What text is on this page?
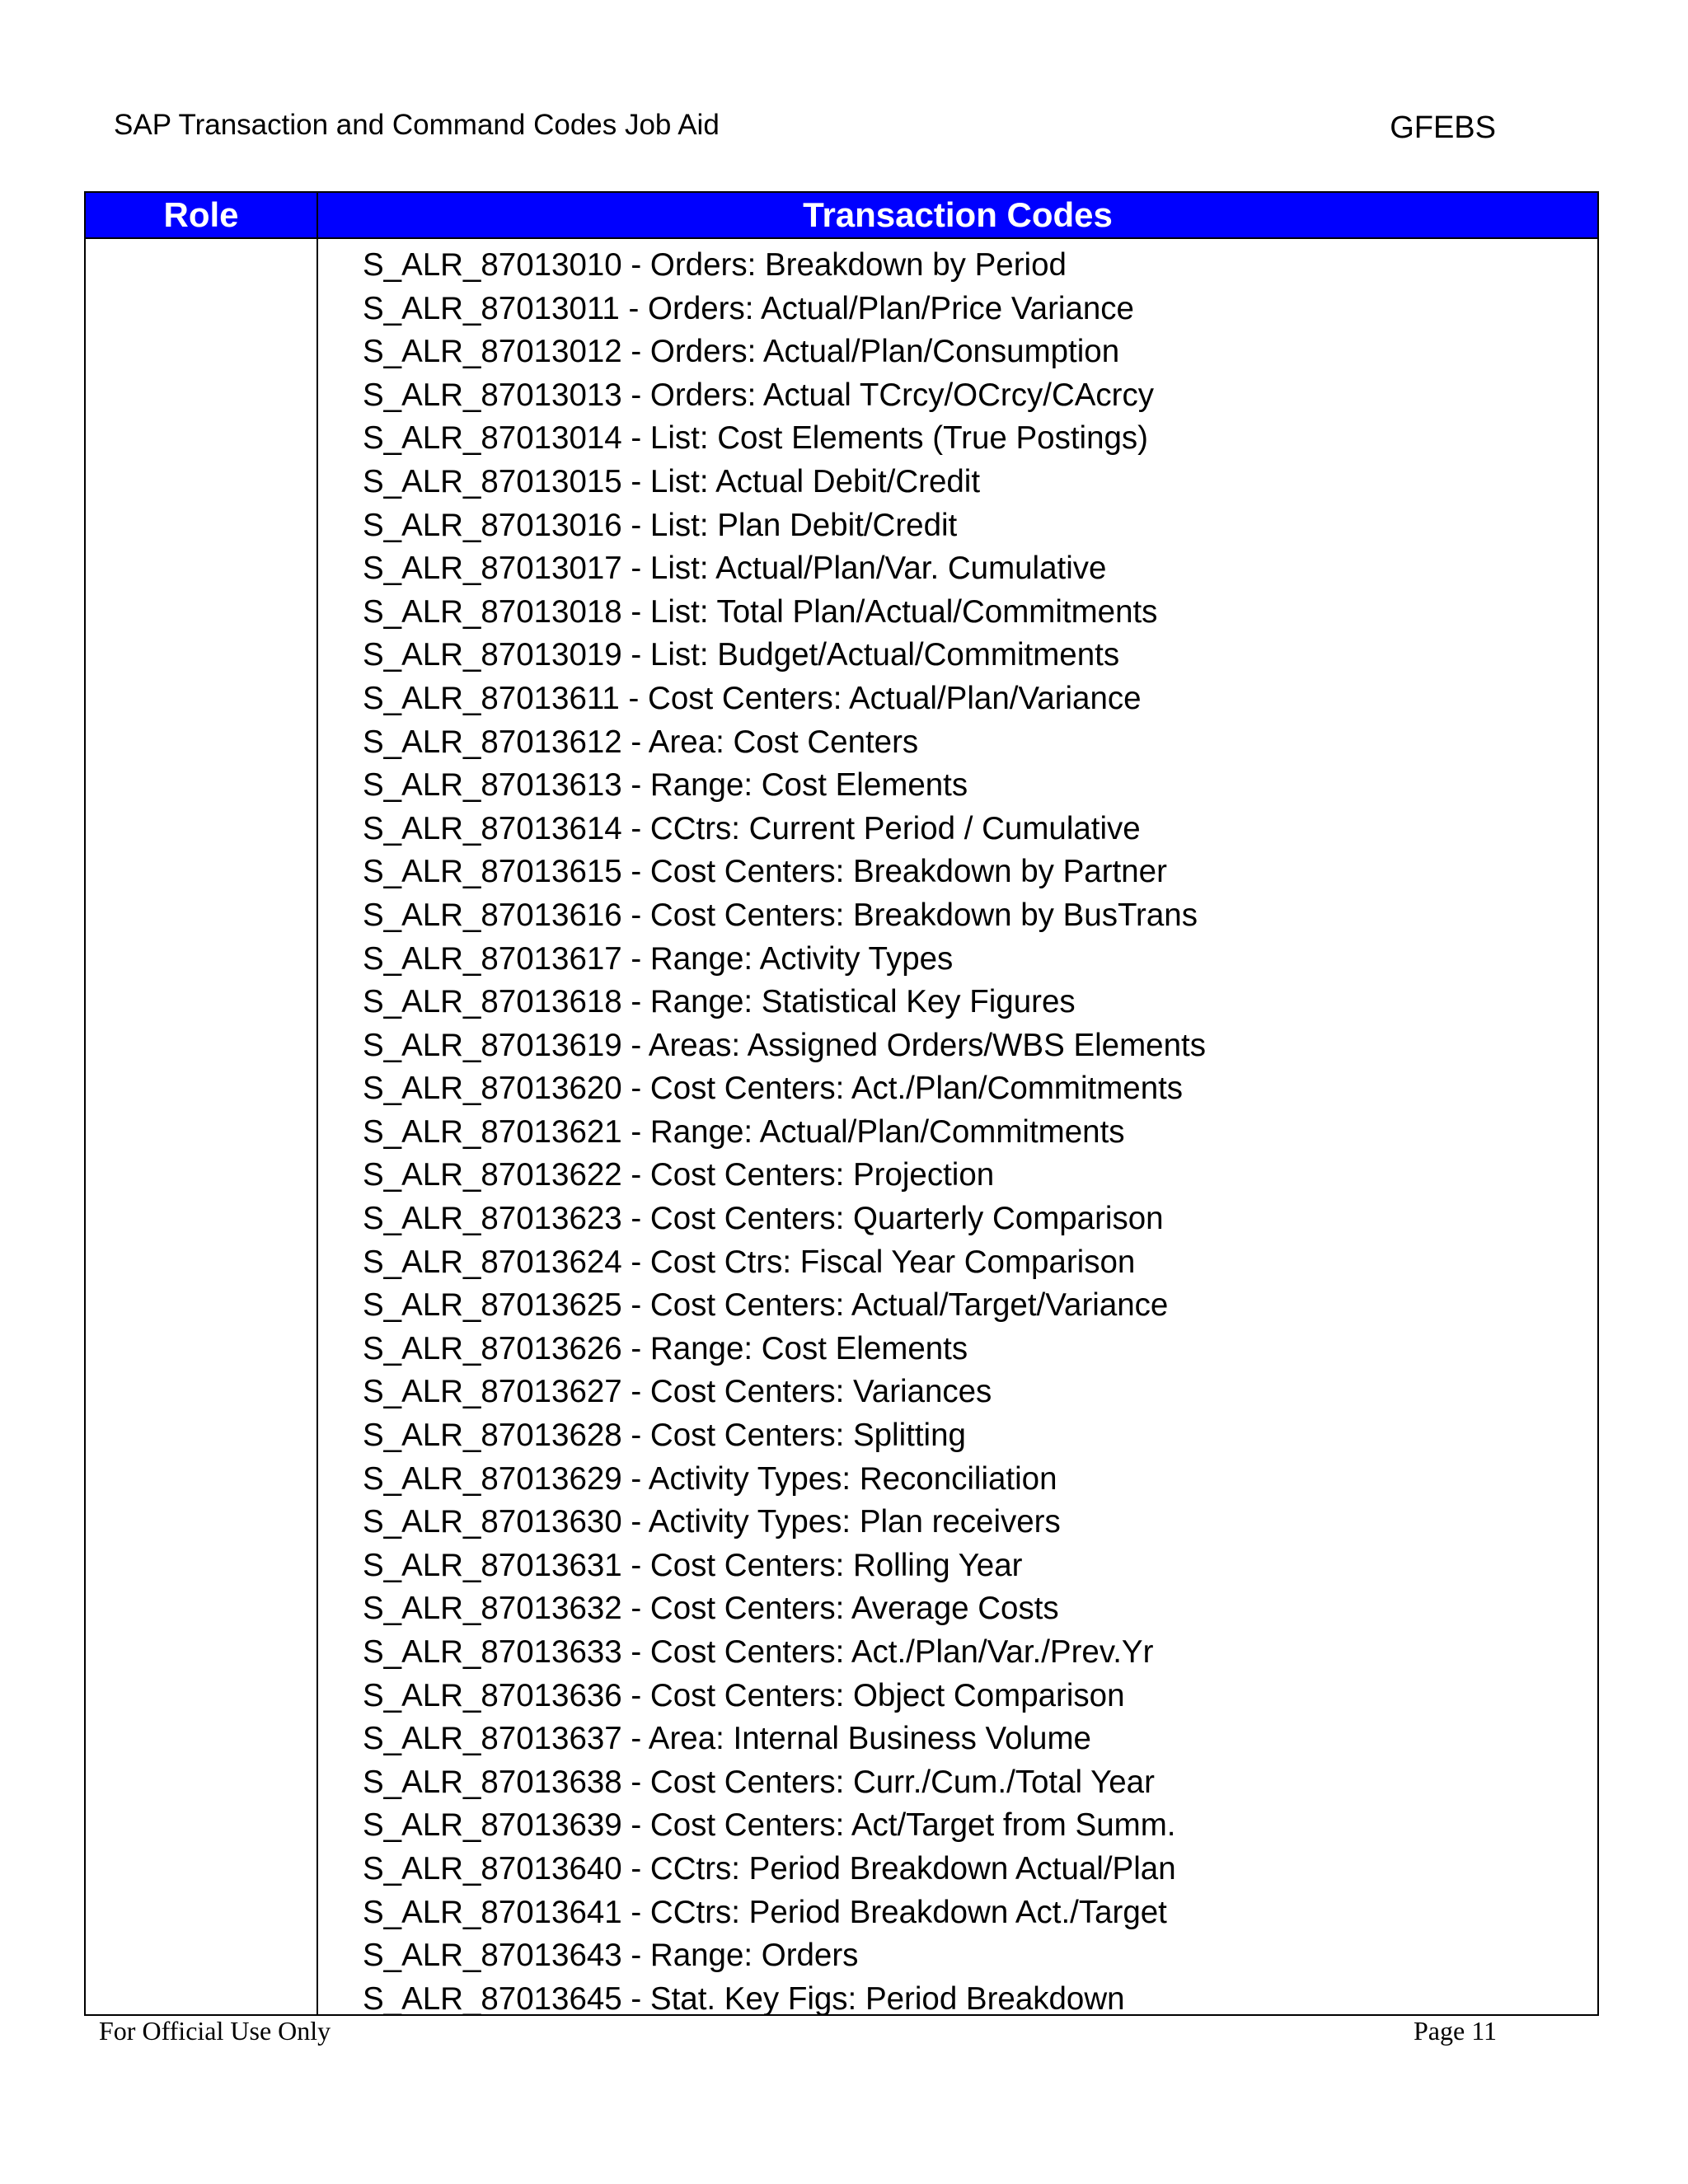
SAP Transaction and Command Codes Job Aid	GFEBS
Role	Transaction Codes
S_ALR_87013010 - Orders: Breakdown by Period
S_ALR_87013011 - Orders: Actual/Plan/Price Variance
S_ALR_87013012 - Orders: Actual/Plan/Consumption
S_ALR_87013013 - Orders: Actual TCrcy/OCrcy/CAcrcy
S_ALR_87013014 - List: Cost Elements (True Postings)
S_ALR_87013015 - List: Actual Debit/Credit
S_ALR_87013016 - List: Plan Debit/Credit
S_ALR_87013017 - List: Actual/Plan/Var. Cumulative
S_ALR_87013018 - List: Total Plan/Actual/Commitments
S_ALR_87013019 - List: Budget/Actual/Commitments
S_ALR_87013611 - Cost Centers: Actual/Plan/Variance
S_ALR_87013612 - Area: Cost Centers
S_ALR_87013613 - Range: Cost Elements
S_ALR_87013614 - CCtrs: Current Period / Cumulative
S_ALR_87013615 - Cost Centers: Breakdown by Partner
S_ALR_87013616 - Cost Centers: Breakdown by BusTrans
S_ALR_87013617 - Range: Activity Types
S_ALR_87013618 - Range: Statistical Key Figures
S_ALR_87013619 - Areas: Assigned Orders/WBS Elements
S_ALR_87013620 - Cost Centers: Act./Plan/Commitments
S_ALR_87013621 - Range: Actual/Plan/Commitments
S_ALR_87013622 - Cost Centers: Projection
S_ALR_87013623 - Cost Centers: Quarterly Comparison
S_ALR_87013624 - Cost Ctrs: Fiscal Year Comparison
S_ALR_87013625 - Cost Centers: Actual/Target/Variance
S_ALR_87013626 - Range: Cost Elements
S_ALR_87013627 - Cost Centers: Variances
S_ALR_87013628 - Cost Centers: Splitting
S_ALR_87013629 - Activity Types: Reconciliation
S_ALR_87013630 - Activity Types: Plan receivers
S_ALR_87013631 - Cost Centers: Rolling Year
S_ALR_87013632 - Cost Centers: Average Costs
S_ALR_87013633 - Cost Centers: Act./Plan/Var./Prev.Yr
S_ALR_87013636 - Cost Centers: Object Comparison
S_ALR_87013637 - Area: Internal Business Volume
S_ALR_87013638 - Cost Centers: Curr./Cum./Total Year
S_ALR_87013639 - Cost Centers: Act/Target from Summ.
S_ALR_87013640 - CCtrs: Period Breakdown Actual/Plan
S_ALR_87013641 - CCtrs: Period Breakdown Act./Target
S_ALR_87013643 - Range: Orders
S_ALR_87013645 - Stat. Key Figs: Period Breakdown
For Official Use Only	Page 11
